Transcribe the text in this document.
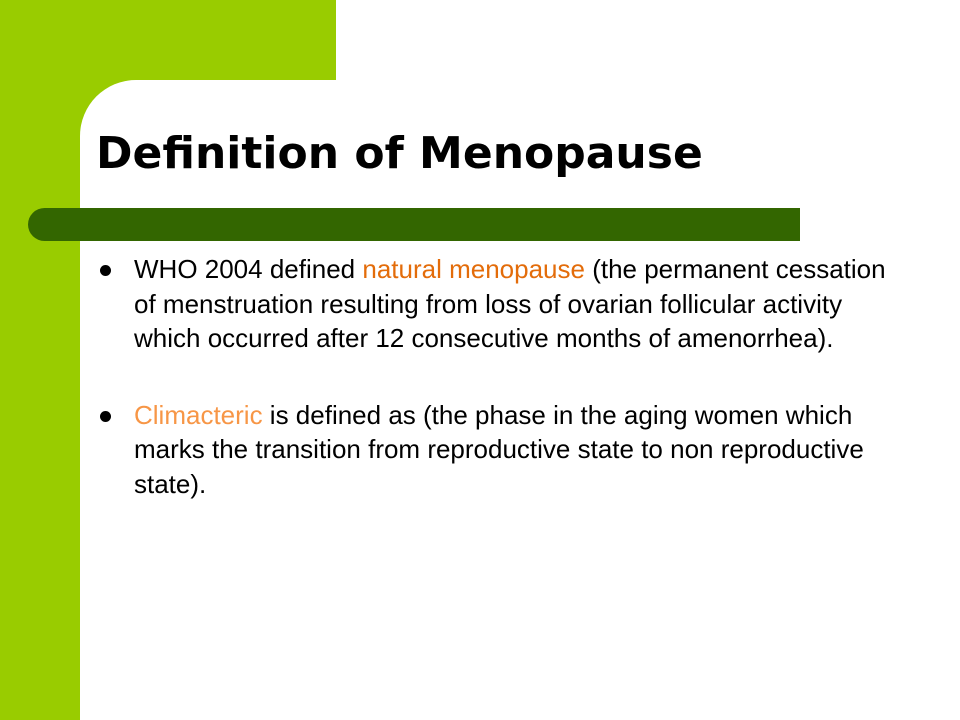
Definition of Menopause
WHO 2004 defined natural menopause (the permanent cessation of menstruation resulting from loss of ovarian follicular activity which occurred after 12 consecutive months of amenorrhea).
Climacteric is defined as (the phase in the aging women which marks the transition from reproductive state to non reproductive state).
